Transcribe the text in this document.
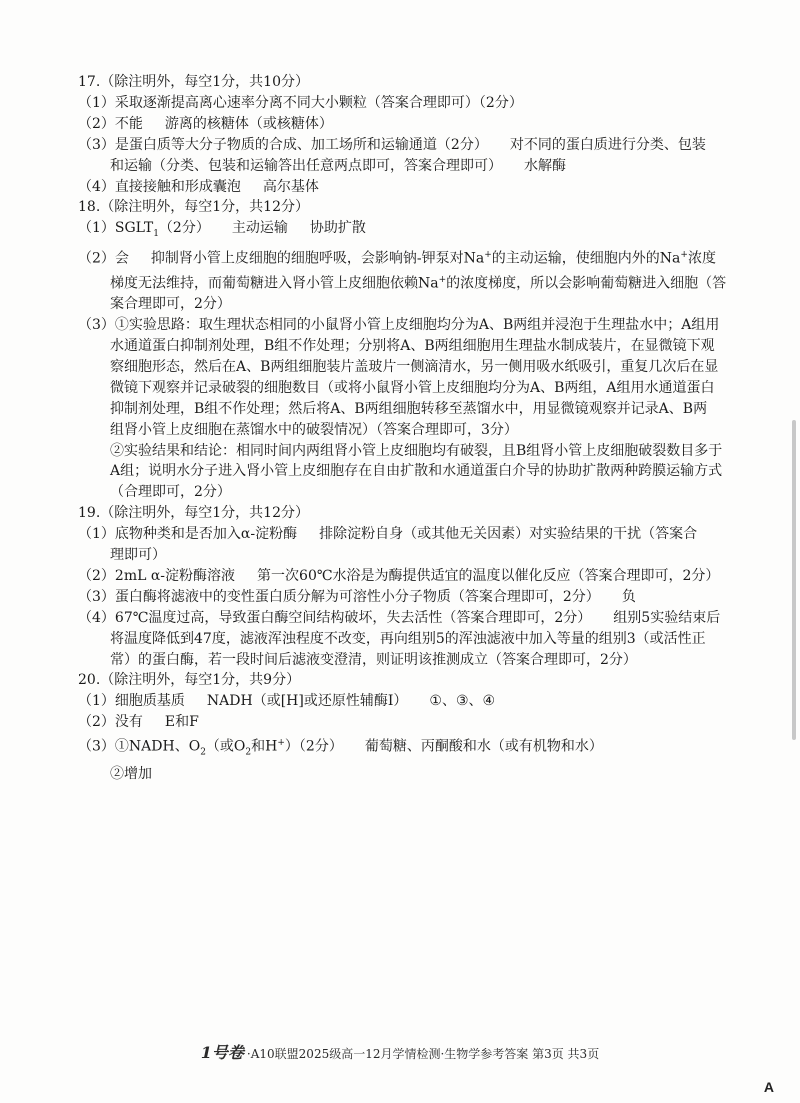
17.（除注明外，每空1分，共10分）
（1）采取逐渐提高离心速率分离不同大小颗粒（答案合理即可）（2分）
（2）不能 游离的核糖体（或核糖体）
（3）是蛋白质等大分子物质的合成、加工场所和运输通道（2分） 对不同的蛋白质进行分类、包装
和运输（分类、包装和运输答出任意两点即可，答案合理即可） 水解酶
（4）直接接触和形成囊泡 高尔基体
18.（除注明外，每空1分，共12分）
$(1)SGLT_1(2$分） 主动运输 协助扩散
（2）会 抑制肾小管上皮细胞的细胞呼吸，会影响钠-钾泵对Na+的主动运输，使细胞内外的Na+浓度
梯度无法维持，而葡萄糖进入肾小管上皮细胞依赖Na+的浓度梯度，所以会影响葡萄糖进入细胞（答
案合理即可，2分）
（3）①实验思路：取生理状态相同的小鼠肾小管上皮细胞均分为A、B两组并浸泡于生理盐水中；A组用
水通道蛋白抑制剂处理，B组不作处理；分别将A、B两组细胞用生理盐水制成装片，在显微镜下观
察细胞形态，然后在A、B两组细胞装片盖玻片一侧滴清水，另一侧用吸水纸吸引，重复几次后在显
微镜下观察并记录破裂的细胞数目（或将小鼠肾小管上皮细胞均分为A、B两组，A组用水通道蛋白
抑制剂处理，B组不作处理；然后将A、B两组细胞转移至蒸馏水中，用显微镜观察并记录A、B两
组肾小管上皮细胞在蒸馏水中的破裂情况）（答案合理即可，3分）
②实验结果和结论：相同时间内两组肾小管上皮细胞均有破裂，且B组肾小管上皮细胞破裂数目多于
A组；说明水分子进入肾小管上皮细胞存在自由扩散和水通道蛋白介导的协助扩散两种跨膜运输方式
（合理即可，2分）
19.（除注明外，每空1分，共12分）
（1）底物种类和是否加入α-淀粉酶 排除淀粉自身（或其他无关因素）对实验结果的干扰（答案合
理即可）
（2）2mL α-淀粉酶溶液 第一次60℃水浴是为酶提供适宜的温度以催化反应（答案合理即可，2分）
（3）蛋白酶将滤液中的变性蛋白质分解为可溶性小分子物质（答案合理即可，2分） 负
（4）67℃温度过高，导致蛋白酶空间结构破坏，失去活性（答案合理即可，2分） 组别5实验结束后
将温度降低到47度，滤液浑浊程度不改变，再向组别5的浑浊滤液中加入等量的组别3（或活性正
常）的蛋白酶，若一段时间后滤液变澄清，则证明该推测成立（答案合理即可，2分）
20.（除注明外，每空1分，共9分）
（1）细胞质基质 NADH（或[H]或还原性辅酶Ⅰ） ①、③、④
（2）没有 E和F
（3）①NADH、$O_2$（或$O_2$和H+）（2分） 葡萄糖、丙酮酸和水（或有机物和水）
②增加
1号卷 ·A10联盟2025级高一12月学情检测·生物学参考答案 第3页 共3页
A
